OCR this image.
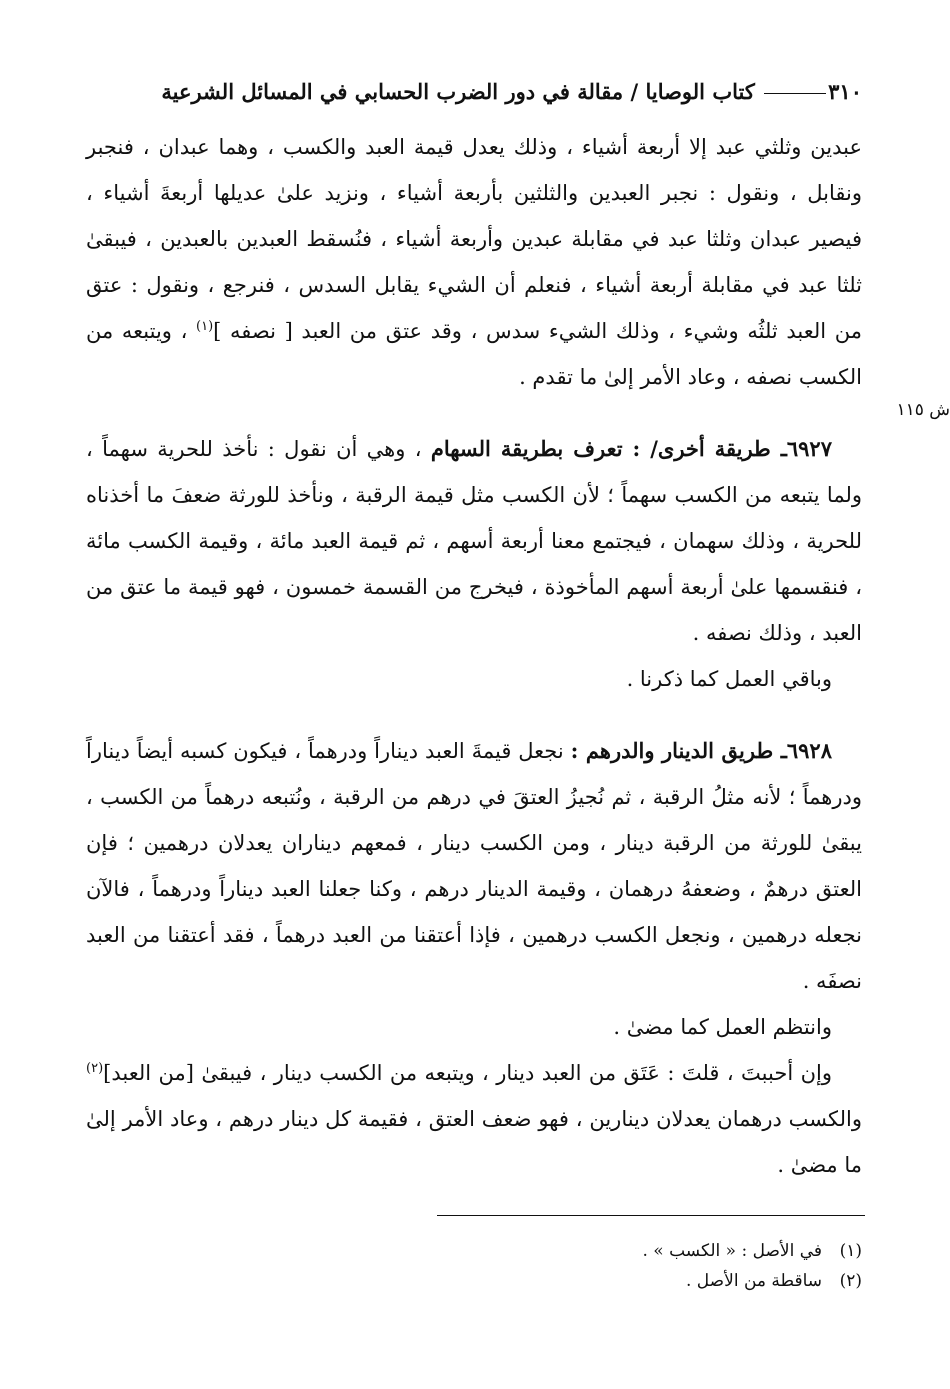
٣١٠ كتاب الوصايا / مقالة في دور الضرب الحسابي في المسائل الشرعية
ش ١١٥

عبدين وثلثي عبد إلا أربعة أشياء ، وذلك يعدل قيمة العبد والكسب ، وهما عبدان ، فنجبر ونقابل ، ونقول : نجبر العبدين والثلثين بأربعة أشياء ، ونزيد علىٰ عديلها أربعةَ أشياء ، فيصير عبدان وثلثا عبد في مقابلة عبدين وأربعة أشياء ، فنُسقط العبدين بالعبدين ، فيبقىٰ ثلثا عبد في مقابلة أربعة أشياء ، فنعلم أن الشيء يقابل السدس ، فنرجع ، ونقول : عتق من العبد ثلثُه وشيء ، وذلك الشيء سدس ، وقد عتق من العبد [ نصفه ]$^{(١)}$ ، ويتبعه من الكسب نصفه ، وعاد الأمر إلىٰ ما تقدم .

٦٩٢٧ـ طريقة أخرى/ : تعرف بطريقة السهام ، وهي أن نقول : نأخذ للحرية سهماً ، ولما يتبعه من الكسب سهماً ؛ لأن الكسب مثل قيمة الرقبة ، ونأخذ للورثة ضعفَ ما أخذناه للحرية ، وذلك سهمان ، فيجتمع معنا أربعة أسهم ، ثم قيمة العبد مائة ، وقيمة الكسب مائة ، فنقسمها علىٰ أربعة أسهم المأخوذة ، فيخرج من القسمة خمسون ، فهو قيمة ما عتق من العبد ، وذلك نصفه .

وباقي العمل كما ذكرنا .

٦٩٢٨ـ طريق الدينار والدرهم : نجعل قيمةَ العبد ديناراً ودرهماً ، فيكون كسبه أيضاً ديناراً ودرهماً ؛ لأنه مثلُ الرقبة ، ثم نُجيزُ العتقَ في درهم من الرقبة ، ونُتبعه درهماً من الكسب ، يبقىٰ للورثة من الرقبة دينار ، ومن الكسب دينار ، فمعهم ديناران يعدلان درهمين ؛ فإن العتق درهمٌ ، وضعفهُ درهمان ، وقيمة الدينار درهم ، وكنا جعلنا العبد ديناراً ودرهماً ، فالآن نجعله درهمين ، ونجعل الكسب درهمين ، فإذا أعتقنا من العبد درهماً ، فقد أعتقنا من العبد نصفَه .

وانتظم العمل كما مضىٰ .

وإن أحببتَ ، قلتَ : عَتَق من العبد دينار ، ويتبعه من الكسب دينار ، فيبقىٰ [من العبد]$^{(٢)}$ والكسب درهمان يعدلان دينارين ، فهو ضعف العتق ، فقيمة كل دينار درهم ، وعاد الأمر إلىٰ ما مضىٰ .

(١)في الأصل : « الكسب » .

(٢)ساقطة من الأصل .
